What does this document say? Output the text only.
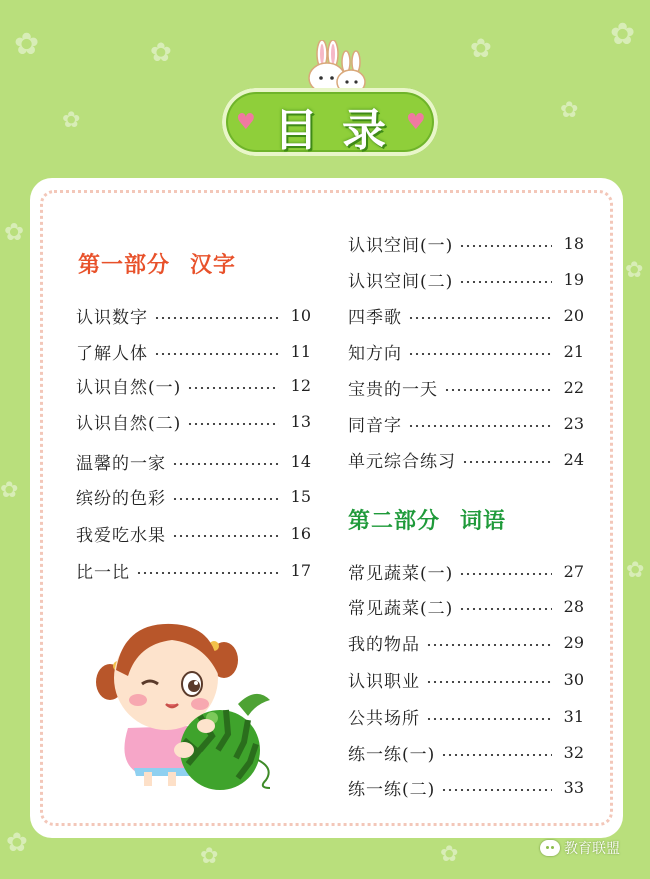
✿
✿
✿	✿
✿
✿
✿
✿
✿
✿
✿	✿	✿
♥ 目录
♥
第一部分 汉字
认识数字	10
了解人体	11
认识自然(一)	12
认识自然(二)	13
温馨的一家	14
缤纷的色彩	15
我爱吃水果	16
比一比	17
认识空间(一)	18
认识空间(二)	19
四季歌	20
知方向	21
宝贵的一天	22
同音字	23
单元综合练习	24
第二部分 词语
常见蔬菜(一)	27
常见蔬菜(二)	28
我的物品	29
认识职业	30
公共场所	31
练一练(一)	32
练一练(二)	33
教育联盟
